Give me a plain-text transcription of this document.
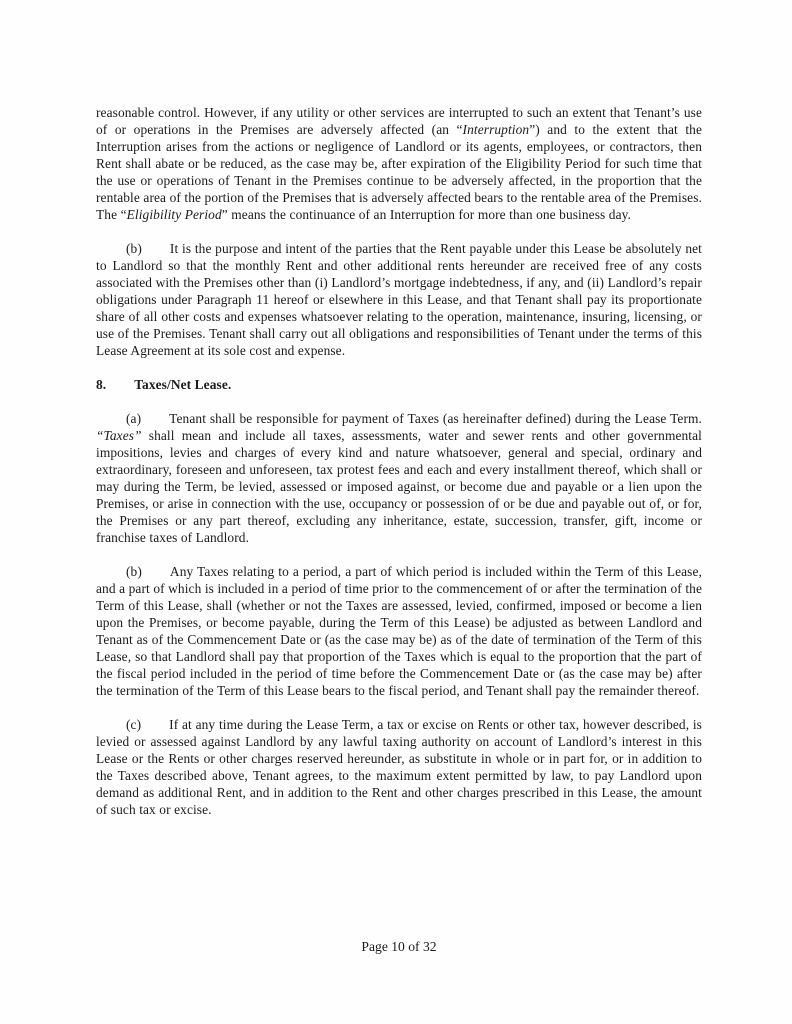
reasonable control. However, if any utility or other services are interrupted to such an extent that Tenant’s use of or operations in the Premises are adversely affected (an “Interruption”) and to the extent that the Interruption arises from the actions or negligence of Landlord or its agents, employees, or contractors, then Rent shall abate or be reduced, as the case may be, after expiration of the Eligibility Period for such time that the use or operations of Tenant in the Premises continue to be adversely affected, in the proportion that the rentable area of the portion of the Premises that is adversely affected bears to the rentable area of the Premises. The “Eligibility Period” means the continuance of an Interruption for more than one business day.

(b) It is the purpose and intent of the parties that the Rent payable under this Lease be absolutely net to Landlord so that the monthly Rent and other additional rents hereunder are received free of any costs associated with the Premises other than (i) Landlord’s mortgage indebtedness, if any, and (ii) Landlord’s repair obligations under Paragraph 11 hereof or elsewhere in this Lease, and that Tenant shall pay its proportionate share of all other costs and expenses whatsoever relating to the operation, maintenance, insuring, licensing, or use of the Premises. Tenant shall carry out all obligations and responsibilities of Tenant under the terms of this Lease Agreement at its sole cost and expense.

8. Taxes/Net Lease.

(a) Tenant shall be responsible for payment of Taxes (as hereinafter defined) during the Lease Term. “Taxes” shall mean and include all taxes, assessments, water and sewer rents and other governmental impositions, levies and charges of every kind and nature whatsoever, general and special, ordinary and extraordinary, foreseen and unforeseen, tax protest fees and each and every installment thereof, which shall or may during the Term, be levied, assessed or imposed against, or become due and payable or a lien upon the Premises, or arise in connection with the use, occupancy or possession of or be due and payable out of, or for, the Premises or any part thereof, excluding any inheritance, estate, succession, transfer, gift, income or franchise taxes of Landlord.

(b) Any Taxes relating to a period, a part of which period is included within the Term of this Lease, and a part of which is included in a period of time prior to the commencement of or after the termination of the Term of this Lease, shall (whether or not the Taxes are assessed, levied, confirmed, imposed or become a lien upon the Premises, or become payable, during the Term of this Lease) be adjusted as between Landlord and Tenant as of the Commencement Date or (as the case may be) as of the date of termination of the Term of this Lease, so that Landlord shall pay that proportion of the Taxes which is equal to the proportion that the part of the fiscal period included in the period of time before the Commencement Date or (as the case may be) after the termination of the Term of this Lease bears to the fiscal period, and Tenant shall pay the remainder thereof.

(c) If at any time during the Lease Term, a tax or excise on Rents or other tax, however described, is levied or assessed against Landlord by any lawful taxing authority on account of Landlord’s interest in this Lease or the Rents or other charges reserved hereunder, as substitute in whole or in part for, or in addition to the Taxes described above, Tenant agrees, to the maximum extent permitted by law, to pay Landlord upon demand as additional Rent, and in addition to the Rent and other charges prescribed in this Lease, the amount of such tax or excise.

Page 10 of 32
